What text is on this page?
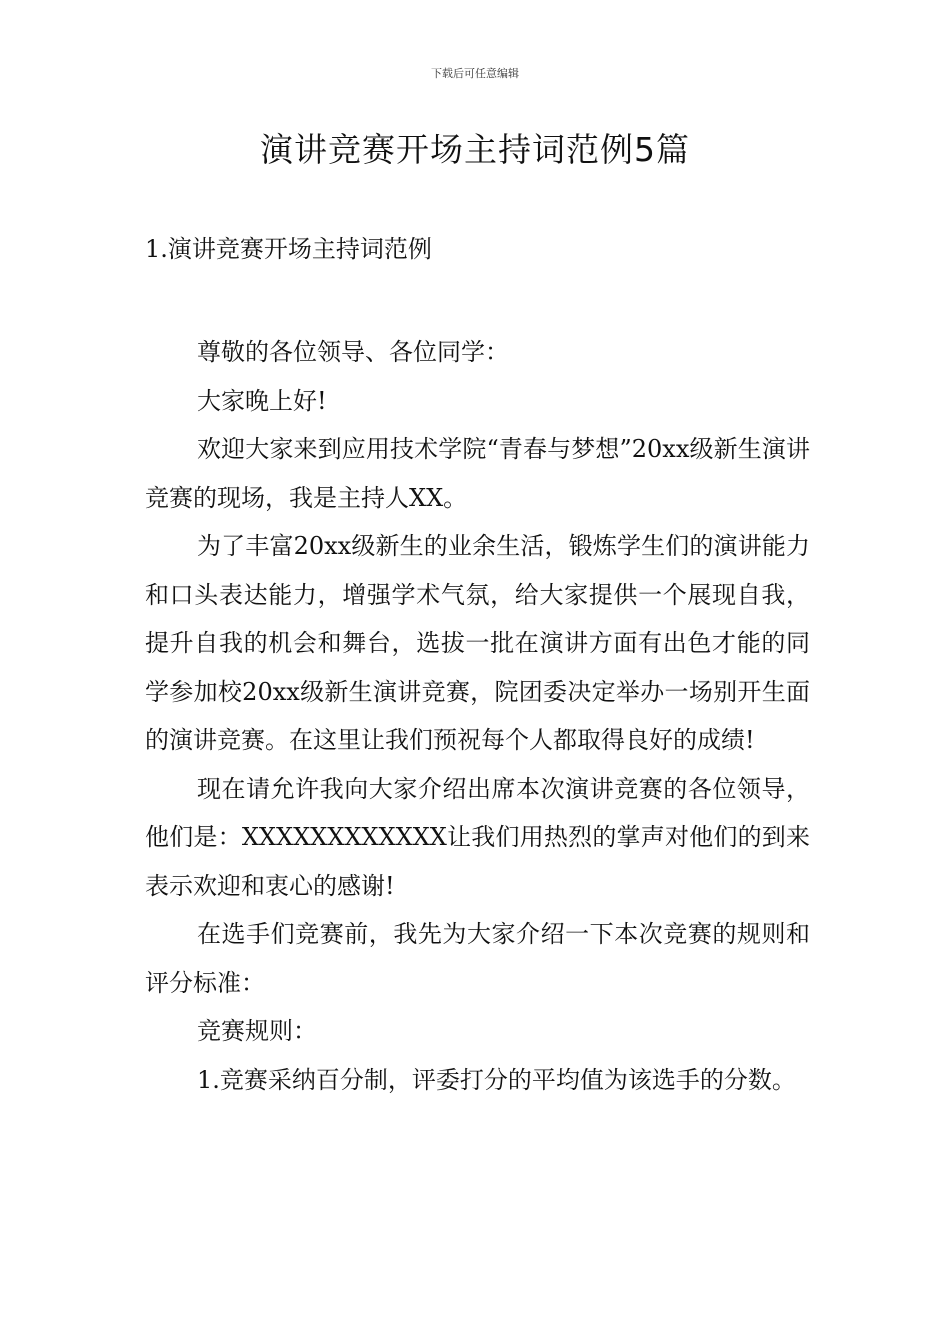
下载后可任意编辑
演讲竞赛开场主持词范例5篇
1.演讲竞赛开场主持词范例

尊敬的各位领导、各位同学：

大家晚上好!

欢迎大家来到应用技术学院“青春与梦想”20xx级新生演讲竞赛的现场，我是主持人XX。

为了丰富20xx级新生的业余生活，锻炼学生们的演讲能力和口头表达能力，增强学术气氛，给大家提供一个展现自我，提升自我的机会和舞台，选拔一批在演讲方面有出色才能的同学参加校20xx级新生演讲竞赛，院团委决定举办一场别开生面的演讲竞赛。在这里让我们预祝每个人都取得良好的成绩!

现在请允许我向大家介绍出席本次演讲竞赛的各位领导，他们是：XXXXXXXXXXXX让我们用热烈的掌声对他们的到来表示欢迎和衷心的感谢!

在选手们竞赛前，我先为大家介绍一下本次竞赛的规则和评分标准：

竞赛规则：

1.竞赛采纳百分制，评委打分的平均值为该选手的分数。
